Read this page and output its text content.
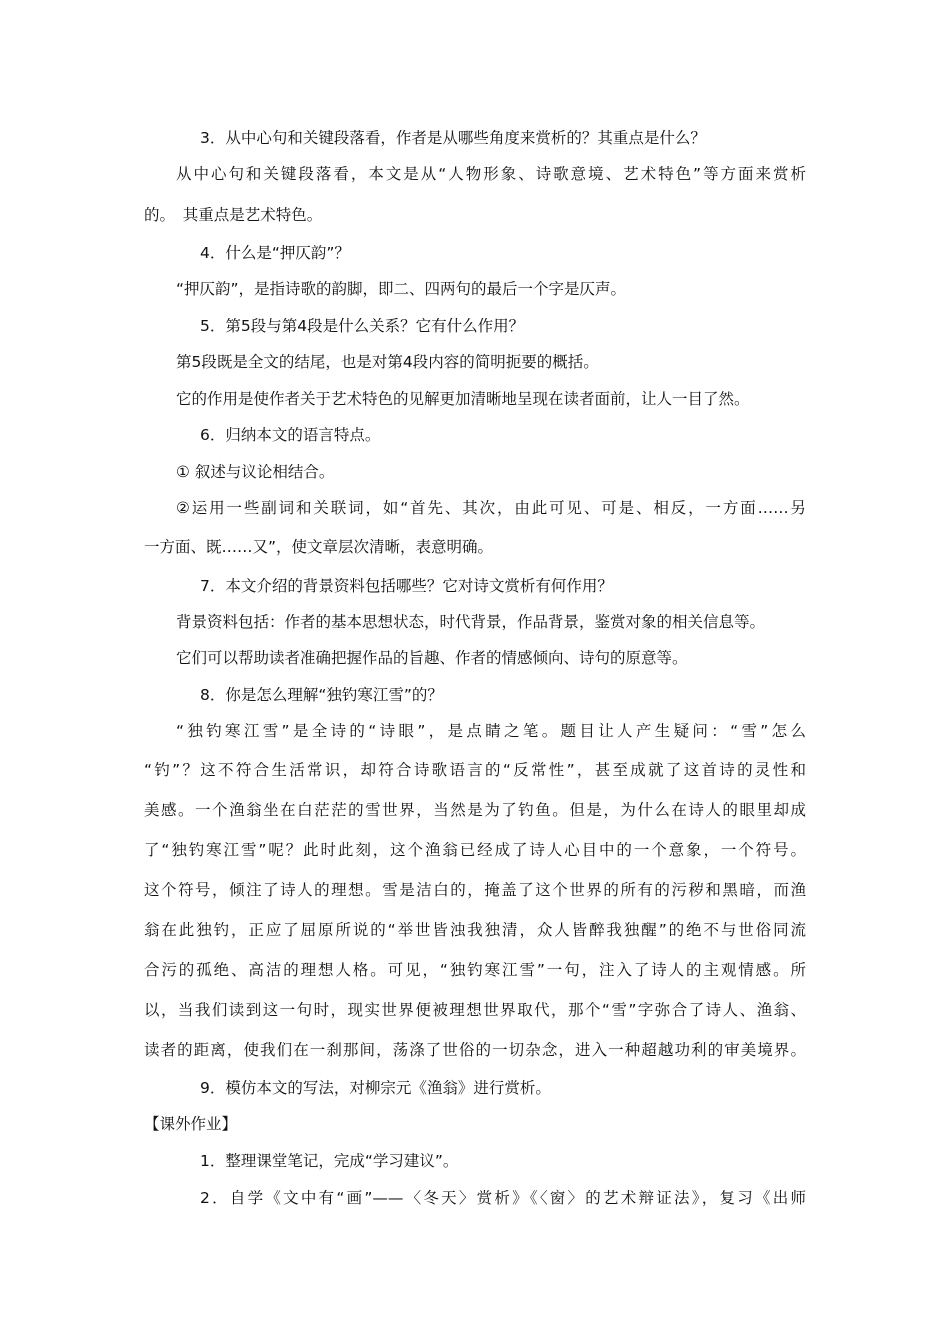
3．从中心句和关键段落看，作者是从哪些角度来赏析的？其重点是什么？
从中心句和关键段落看，本文是从“人物形象、诗歌意境、艺术特色”等方面来赏析
的。　其重点是艺术特色。
4．什么是“押仄韵”？
“押仄韵”，是指诗歌的韵脚，即二、四两句的最后一个字是仄声。
5．第5段与第4段是什么关系？它有什么作用？
第5段既是全文的结尾，也是对第4段内容的简明扼要的概括。
它的作用是使作者关于艺术特色的见解更加清晰地呈现在读者面前，让人一目了然。
6．归纳本文的语言特点。
① 叙述与议论相结合。
②运用一些副词和关联词，如“首先、其次，由此可见、可是、相反，一方面……另
一方面、既……又”，使文章层次清晰，表意明确。
7．本文介绍的背景资料包括哪些？它对诗文赏析有何作用？
背景资料包括：作者的基本思想状态，时代背景，作品背景，鉴赏对象的相关信息等。
它们可以帮助读者准确把握作品的旨趣、作者的情感倾向、诗句的原意等。
8．你是怎么理解“独钓寒江雪”的？
“独钓寒江雪”是全诗的“诗眼”，是点睛之笔。题目让人产生疑问：“雪”怎么
“钓”？这不符合生活常识，却符合诗歌语言的“反常性”，甚至成就了这首诗的灵性和
美感。一个渔翁坐在白茫茫的雪世界，当然是为了钓鱼。但是，为什么在诗人的眼里却成
了“独钓寒江雪”呢？此时此刻，这个渔翁已经成了诗人心目中的一个意象，一个符号。
这个符号，倾注了诗人的理想。雪是洁白的，掩盖了这个世界的所有的污秽和黑暗，而渔
翁在此独钓，正应了屈原所说的“举世皆浊我独清，众人皆醉我独醒”的绝不与世俗同流
合污的孤绝、高洁的理想人格。可见，“独钓寒江雪”一句，注入了诗人的主观情感。所
以，当我们读到这一句时，现实世界便被理想世界取代，那个“雪”字弥合了诗人、渔翁、
读者的距离，使我们在一刹那间，荡涤了世俗的一切杂念，进入一种超越功利的审美境界。
9．模仿本文的写法，对柳宗元《渔翁》进行赏析。
【课外作业】
1．整理课堂笔记，完成“学习建议”。
2．自学《文中有“画”——〈冬天〉赏析》《〈窗〉的艺术辩证法》，复习《出师
